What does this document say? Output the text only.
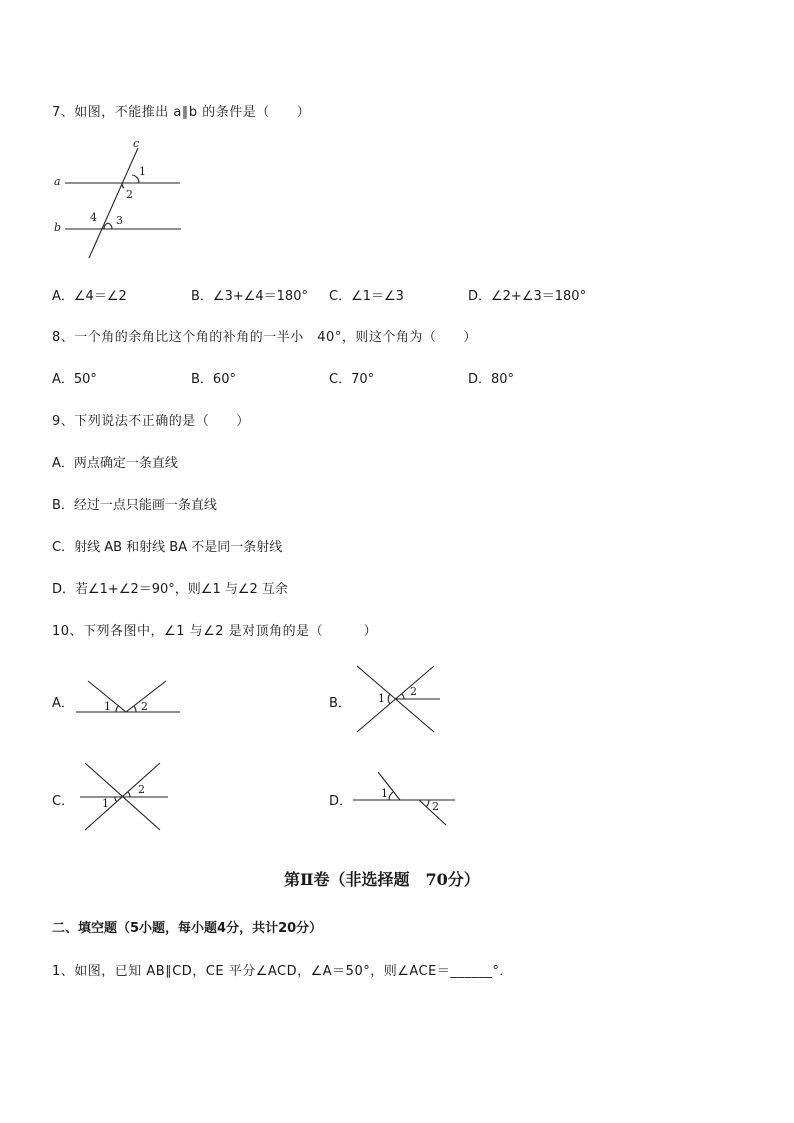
7、如图，不能推出 a∥b 的条件是（　　）
c
a
b
1
2
3
4
A．∠4＝∠2	B．∠3+∠4＝180° C．∠1＝∠3	D．∠2+∠3＝180°
8、一个角的余角比这个角的补角的一半小　40°，则这个角为（　　）
A．50°	B．60°	C．70°	D．80°
9、下列说法不正确的是（　　）
A．两点确定一条直线
B．经过一点只能画一条直线
C．射线 AB 和射线 BA 不是同一条射线
D．若∠1+∠2＝90°，则∠1 与∠2 互余
10、下列各图中，∠1 与∠2 是对顶角的是（　　　）
A．	B．
C．	D．
1	2
1
2
1
2	1
2
第Ⅱ卷（非选择题　70分）
二、填空题（5小题，每小题4分，共计20分）
1、如图，已知 AB∥CD，CE 平分∠ACD，∠A＝50°，则∠ACE＝______°．
